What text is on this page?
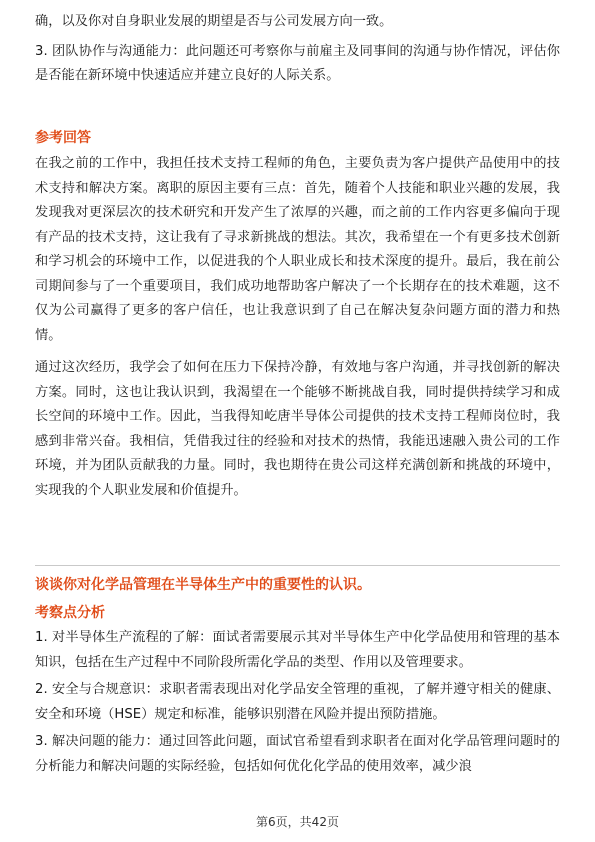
确，以及你对自身职业发展的期望是否与公司发展方向一致。

3. 团队协作与沟通能力：此问题还可考察你与前雇主及同事间的沟通与协作情况，评估你是否能在新环境中快速适应并建立良好的人际关系。

参考回答

在我之前的工作中，我担任技术支持工程师的角色，主要负责为客户提供产品使用中的技术支持和解决方案。离职的原因主要有三点：首先，随着个人技能和职业兴趣的发展，我发现我对更深层次的技术研究和开发产生了浓厚的兴趣，而之前的工作内容更多偏向于现有产品的技术支持，这让我有了寻求新挑战的想法。其次，我希望在一个有更多技术创新和学习机会的环境中工作，以促进我的个人职业成长和技术深度的提升。最后，我在前公司期间参与了一个重要项目，我们成功地帮助客户解决了一个长期存在的技术难题，这不仅为公司赢得了更多的客户信任，也让我意识到了自己在解决复杂问题方面的潜力和热情。

通过这次经历，我学会了如何在压力下保持冷静，有效地与客户沟通，并寻找创新的解决方案。同时，这也让我认识到，我渴望在一个能够不断挑战自我，同时提供持续学习和成长空间的环境中工作。因此，当我得知屹唐半导体公司提供的技术支持工程师岗位时，我感到非常兴奋。我相信，凭借我过往的经验和对技术的热情，我能迅速融入贵公司的工作环境，并为团队贡献我的力量。同时，我也期待在贵公司这样充满创新和挑战的环境中，实现我的个人职业发展和价值提升。

谈谈你对化学品管理在半导体生产中的重要性的认识。

考察点分析

1. 对半导体生产流程的了解：面试者需要展示其对半导体生产中化学品使用和管理的基本知识，包括在生产过程中不同阶段所需化学品的类型、作用以及管理要求。

2. 安全与合规意识：求职者需表现出对化学品安全管理的重视，了解并遵守相关的健康、安全和环境（HSE）规定和标准，能够识别潜在风险并提出预防措施。

3. 解决问题的能力：通过回答此问题，面试官希望看到求职者在面对化学品管理问题时的分析能力和解决问题的实际经验，包括如何优化化学品的使用效率，减少浪

第6页，共42页
